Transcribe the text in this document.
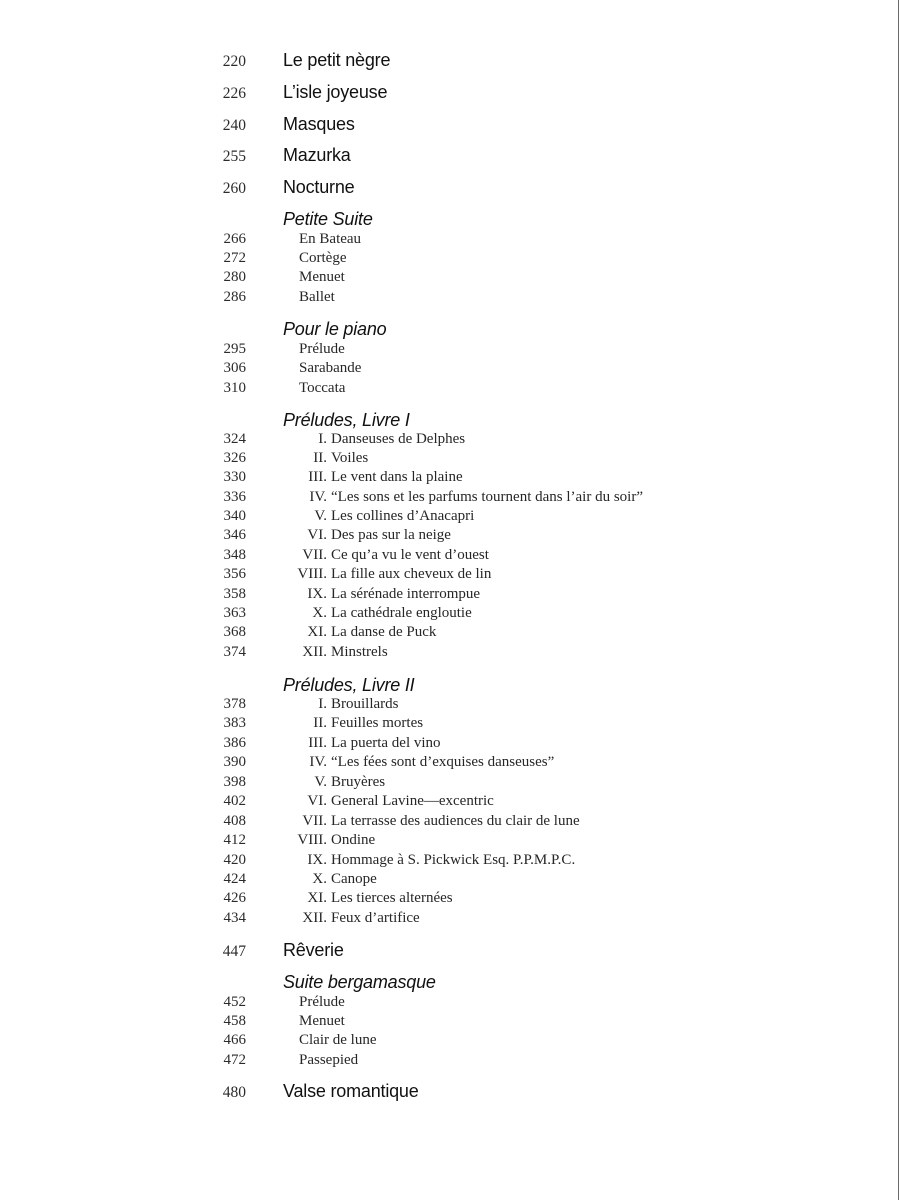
220 Le petit nègre
226 L’isle joyeuse
240 Masques
255 Mazurka
260 Nocturne
Petite Suite
266	En Bateau
272	Cortège
280	Menuet
286	Ballet
Pour le piano
295	Prélude
306	Sarabande
310	Toccata
Préludes, Livre I
324	I. Danseuses de Delphes
326	II. Voiles
330	III. Le vent dans la plaine
336	IV. “Les sons et les parfums tournent dans l’air du soir”
340	V. Les collines d’Anacapri
346	VI. Des pas sur la neige
348	VII. Ce qu’a vu le vent d’ouest
356	VIII. La fille aux cheveux de lin
358	IX. La sérénade interrompue
363	X. La cathédrale engloutie
368	XI. La danse de Puck
374	XII. Minstrels
Préludes, Livre II
378	I. Brouillards
383	II. Feuilles mortes
386	III. La puerta del vino
390	IV. “Les fées sont d’exquises danseuses”
398	V. Bruyères
402	VI. General Lavine—excentric
408	VII. La terrasse des audiences du clair de lune
412	VIII. Ondine
420	IX. Hommage à S. Pickwick Esq. P.P.M.P.C.
424	X. Canope
426	XI. Les tierces alternées
434	XII. Feux d’artifice
447 Rêverie
Suite bergamasque
452	Prélude
458	Menuet
466	Clair de lune
472	Passepied
480 Valse romantique
